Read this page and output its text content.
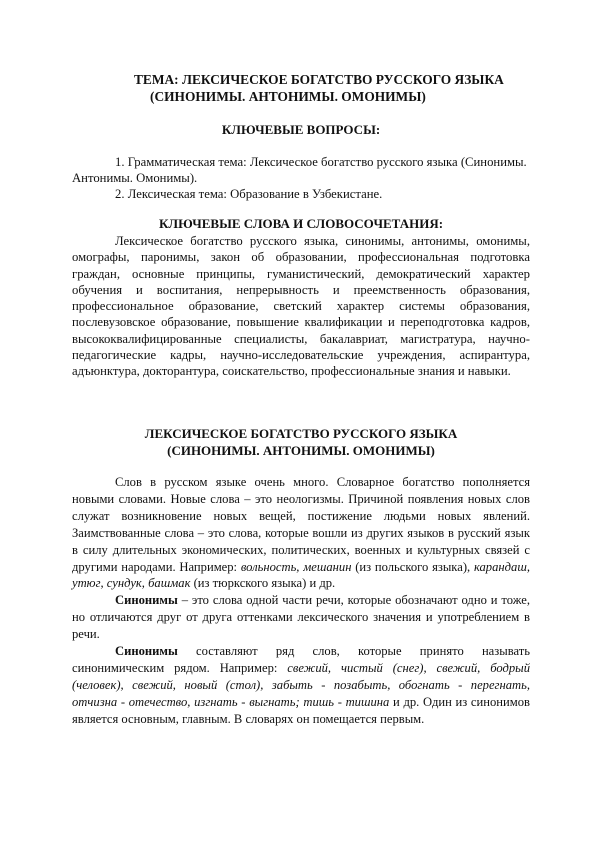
ТЕМА: ЛЕКСИЧЕСКОЕ БОГАТСТВО РУССКОГО ЯЗЫКА
(СИНОНИМЫ. АНТОНИМЫ. ОМОНИМЫ)
КЛЮЧЕВЫЕ ВОПРОСЫ:

1. Грамматическая тема: Лексическое богатство русского языка (Синонимы. Антонимы. Омонимы).

2. Лексическая тема: Образование в Узбекистане.

КЛЮЧЕВЫЕ СЛОВА И СЛОВОСОЧЕТАНИЯ:
Лексическое богатство русского языка, синонимы, антонимы, омонимы, омографы, паронимы, закон об образовании, профессиональная подготовка граждан, основные принципы, гуманистический, демократический характер обучения и воспитания, непрерывность и преемственность образования, профессиональное образование, светский характер системы образования, послевузовское образование, повышение квалификации и переподготовка кадров, высококвалифицированные специалисты, бакалавриат, магистратура, научно-педагогические кадры, научно-исследовательские учреждения, аспирантура, адъюнктура, докторантура, соискательство, профессиональные знания и навыки.
ЛЕКСИЧЕСКОЕ БОГАТСТВО РУССКОГО ЯЗЫКА
(СИНОНИМЫ. АНТОНИМЫ. ОМОНИМЫ)

Слов в русском языке очень много. Словарное богатство пополняется новыми словами. Новые слова – это неологизмы. Причиной появления новых слов служат возникновение новых вещей, постижение людьми новых явлений. Заимствованные слова – это слова, которые вошли из других языков в русский язык в силу длительных экономических, политических, военных и культурных связей с другими народами. Например: вольность, мешанин (из польского языка), карандаш, утюг, сундук, башмак (из тюркского языка) и др.

Синонимы – это слова одной части речи, которые обозначают одно и тоже, но отличаются друг от друга оттенками лексического значения и употреблением в речи.

Синонимы составляют ряд слов, которые принято называть синонимическим рядом. Например: свежий, чистый (снег), свежий, бодрый (человек), свежий, новый (стол), забыть - позабыть, обогнать - перегнать, отчизна - отечество, изгнать - выгнать; тишь - тишина и др. Один из синонимов является основным, главным. В словарях он помещается первым.
